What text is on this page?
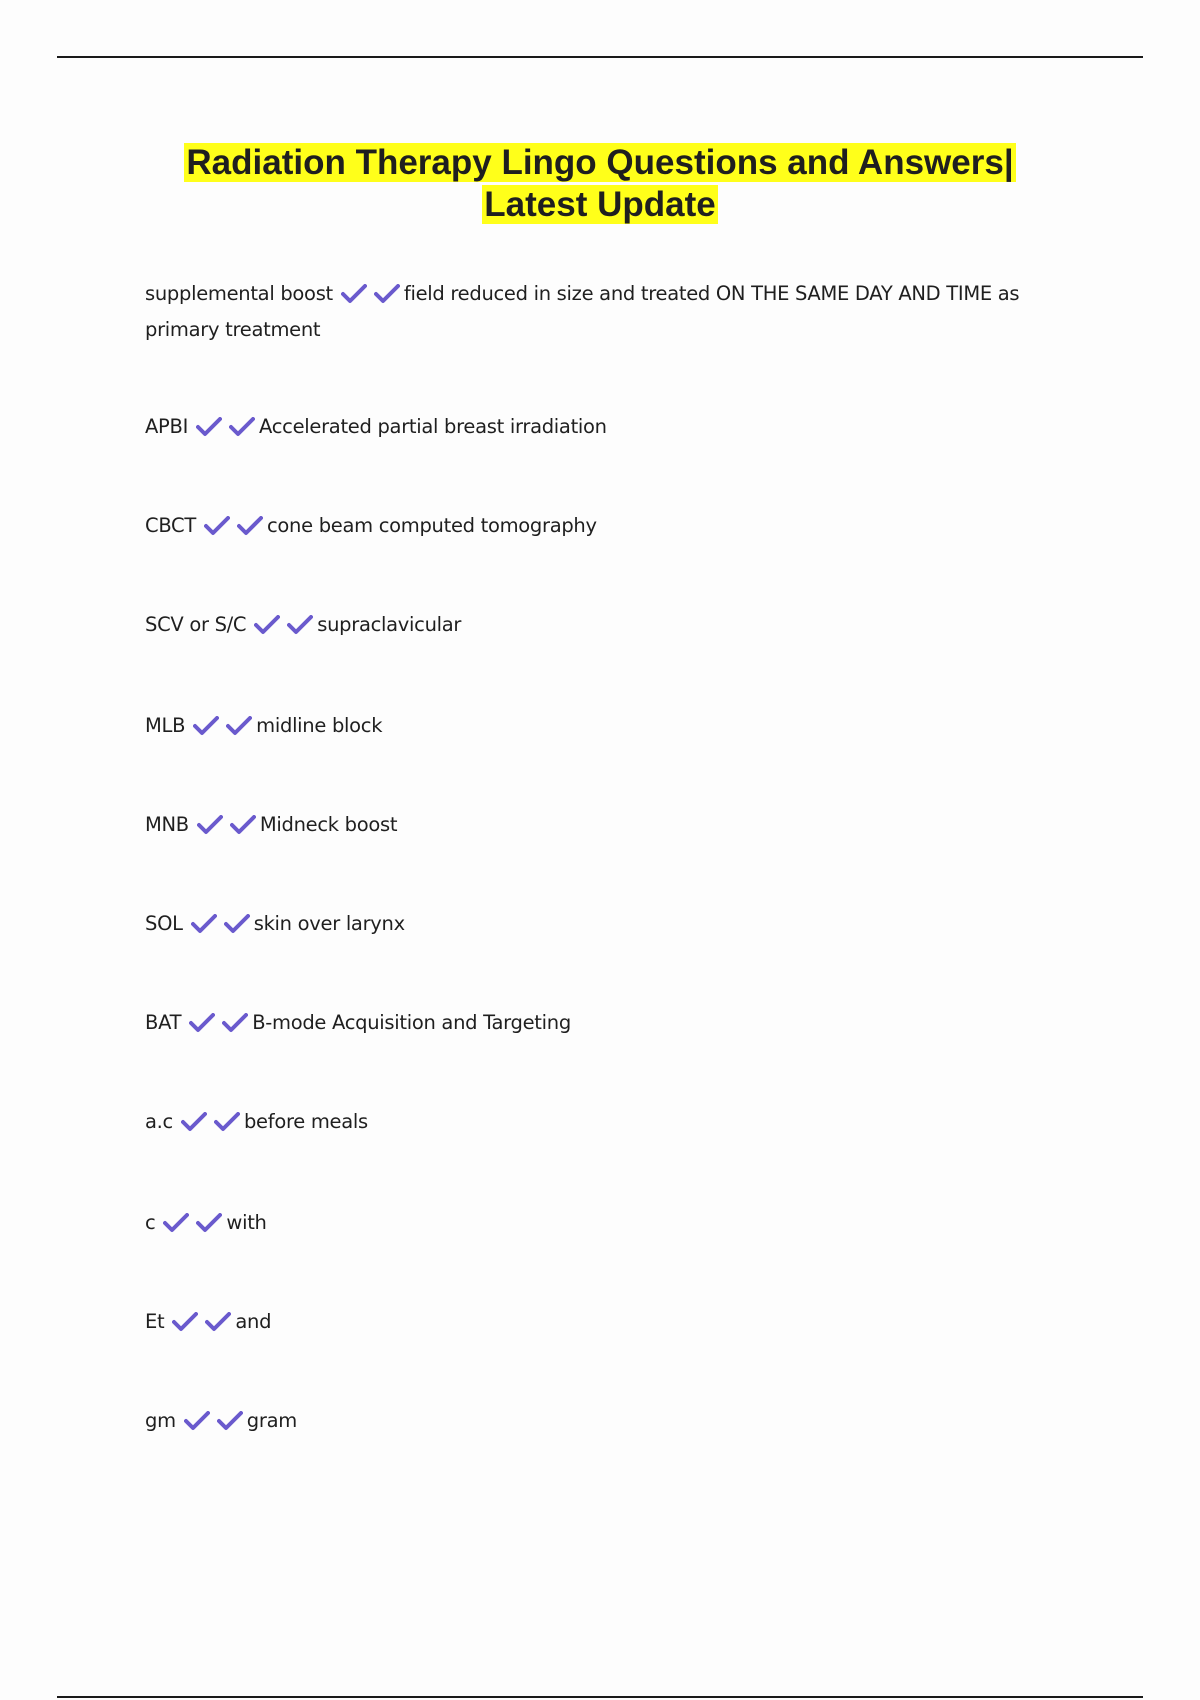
Radiation Therapy Lingo Questions and Answers|
Latest Update

supplemental boost	field reduced in size and treated ON THE SAME DAY AND TIME as primary treatment

APBI	Accelerated partial breast irradiation

CBCT	cone beam computed tomography

SCV or S/C	supraclavicular

MLB	midline block

MNB	Midneck boost

SOL	skin over larynx

BAT	B-mode Acquisition and Targeting

a.c	before meals

c	with

Et	and

gm	gram
